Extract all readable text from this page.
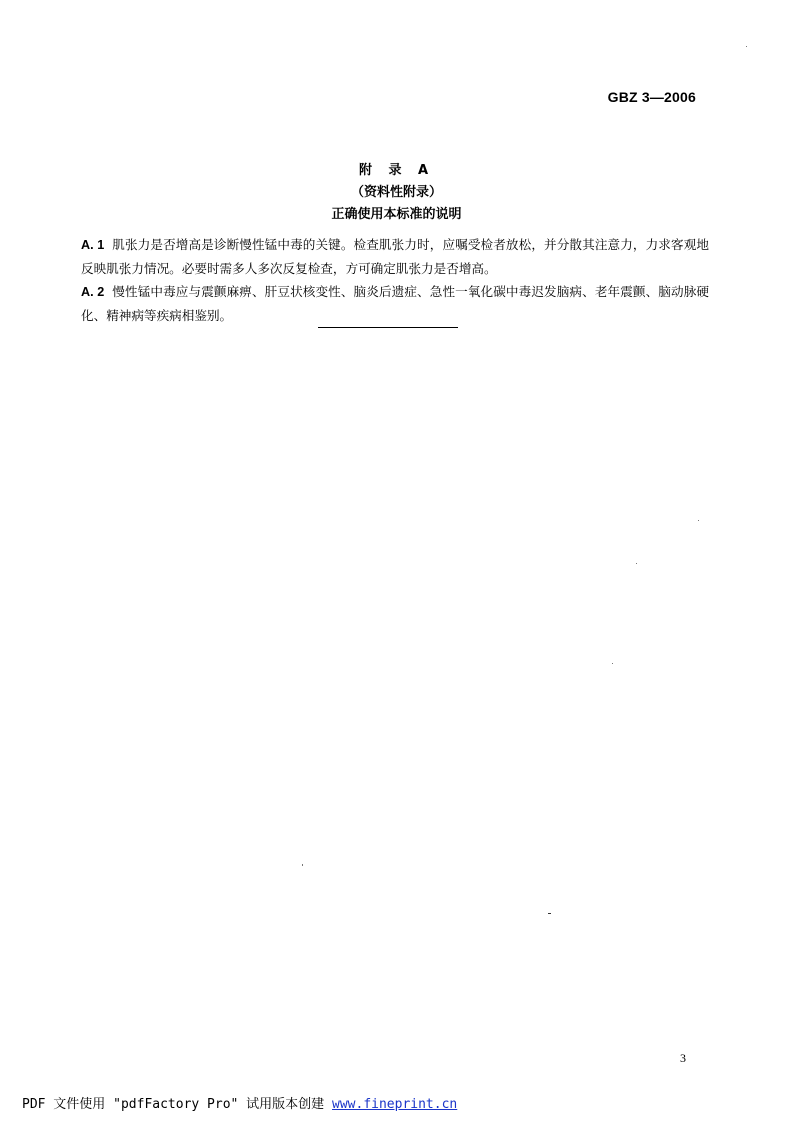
GBZ 3—2006
附 录 A
（资料性附录）
正确使用本标准的说明

A. 1 肌张力是否增高是诊断慢性锰中毒的关键。检查肌张力时，应嘱受检者放松，并分散其注意力，力求客观地反映肌张力情况。必要时需多人多次反复检查，方可确定肌张力是否增高。

A. 2 慢性锰中毒应与震颤麻痹、肝豆状核变性、脑炎后遗症、急性一氧化碳中毒迟发脑病、老年震颤、脑动脉硬化、精神病等疾病相鉴别。

3
PDF 文件使用 "pdfFactory Pro" 试用版本创建 www.fineprint.cn
